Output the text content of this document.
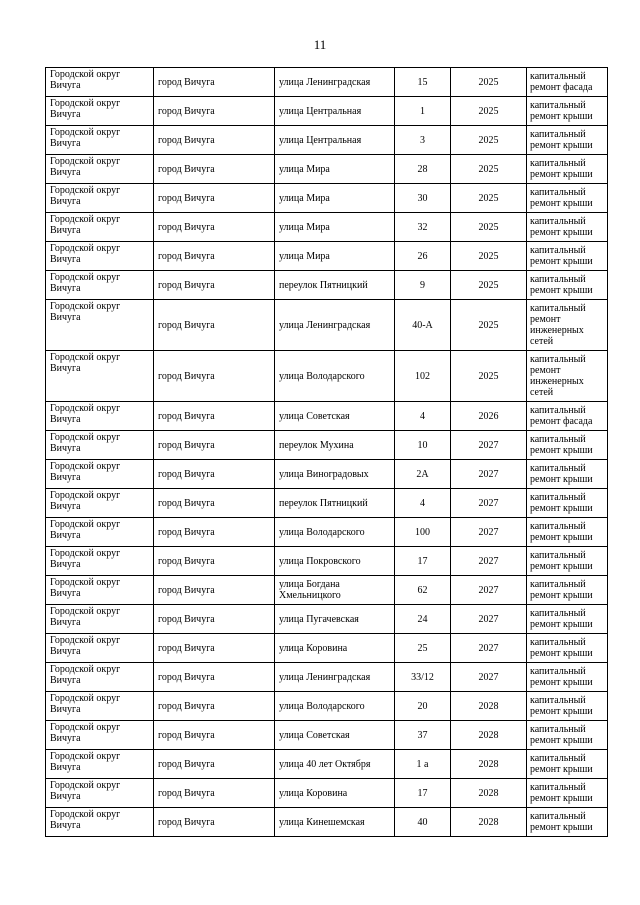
11
Городской округ Вичуга	город Вичуга	улица Ленинградская	15	2025	капитальный ремонт фасада
Городской округ Вичуга	город Вичуга	улица Центральная	1	2025	капитальный ремонт крыши
Городской округ Вичуга	город Вичуга	улица Центральная	3	2025	капитальный ремонт крыши
Городской округ Вичуга	город Вичуга	улица Мира	28	2025	капитальный ремонт крыши
Городской округ Вичуга	город Вичуга	улица Мира	30	2025	капитальный ремонт крыши
Городской округ Вичуга	город Вичуга	улица Мира	32	2025	капитальный ремонт крыши
Городской округ Вичуга	город Вичуга	улица Мира	26	2025	капитальный ремонт крыши
Городской округ Вичуга	город Вичуга	переулок Пятницкий	9	2025	капитальный ремонт крыши
Городской округ Вичуга	город Вичуга	улица Ленинградская	40-А	2025	капитальный ремонт инженерных сетей
Городской округ Вичуга	город Вичуга	улица Володарского	102	2025	капитальный ремонт инженерных сетей
Городской округ Вичуга	город Вичуга	улица Советская	4	2026	капитальный ремонт фасада
Городской округ Вичуга	город Вичуга	переулок Мухина	10	2027	капитальный ремонт крыши
Городской округ Вичуга	город Вичуга	улица Виноградовых	2А	2027	капитальный ремонт крыши
Городской округ Вичуга	город Вичуга	переулок Пятницкий	4	2027	капитальный ремонт крыши
Городской округ Вичуга	город Вичуга	улица Володарского	100	2027	капитальный ремонт крыши
Городской округ Вичуга	город Вичуга	улица Покровского	17	2027	капитальный ремонт крыши
Городской округ Вичуга	город Вичуга	улица Богдана Хмельницкого	62	2027	капитальный ремонт крыши
Городской округ Вичуга	город Вичуга	улица Пугачевская	24	2027	капитальный ремонт крыши
Городской округ Вичуга	город Вичуга	улица Коровина	25	2027	капитальный ремонт крыши
Городской округ Вичуга	город Вичуга	улица Ленинградская	33/12	2027	капитальный ремонт крыши
Городской округ Вичуга	город Вичуга	улица Володарского	20	2028	капитальный ремонт крыши
Городской округ Вичуга	город Вичуга	улица Советская	37	2028	капитальный ремонт крыши
Городской округ Вичуга	город Вичуга	улица 40 лет Октября	1 а	2028	капитальный ремонт крыши
Городской округ Вичуга	город Вичуга	улица Коровина	17	2028	капитальный ремонт крыши
Городской округ Вичуга	город Вичуга	улица Кинешемская	40	2028	капитальный ремонт крыши
